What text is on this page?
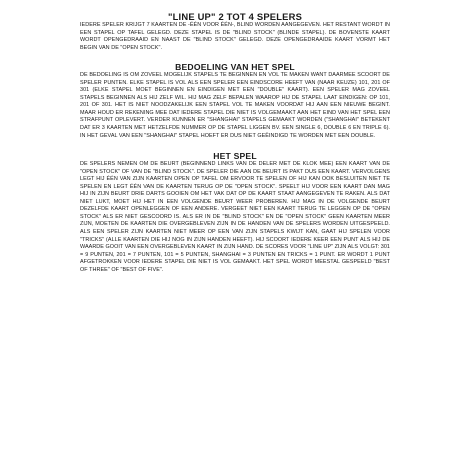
"LINE UP" 2 TOT 4 SPELERS

IEDERE SPELER KRIJGT 7 KAARTEN DE -ÉÉN VOOR ÉÉN-, BLIND WORDEN AANGEGEVEN. HET RESTANT WORDT IN EEN STAPEL OP TAFEL GELEGD. DEZE STAPEL IS DE "BLIND STOCK" (BLINDE STAPEL). DE BOVENSTE KAART WORDT OPENGEDRAAID EN NAAST DE "BLIND STOCK" GELEGD. DEZE OPENGEDRAAIDE KAART VORMT HET BEGIN VAN DE "OPEN STOCK".

BEDOELING VAN HET SPEL

DE BEDOELING IS OM ZOVEEL MOGELIJK STAPELS TE BEGINNEN EN VOL TE MAKEN WANT DAARMEE SCOORT DE SPELER PUNTEN. ELKE STAPEL IS VOL ALS EEN SPELER EEN EINDSCORE HEEFT VAN (NAAR KEUZE) 101, 201 OF 301 (ELKE STAPEL MOET BEGINNEN EN EINDIGEN MET EEN "DOUBLE" KAART). EEN SPELER MAG ZOVEEL STAPELS BEGINNEN ALS HIJ ZELF WIL. HIJ MAG ZELF BEPALEN WAAROP HIJ DE STAPEL LAAT EINDIGEN: OP 101, 201 OF 301. HET IS NIET NOODZAKELIJK EEN STAPEL VOL TE MAKEN VOORDAT HIJ AAN EEN NIEUWE BEGINT. MAAR HOUD ER REKENING MEE DAT IEDERE STAPEL DIE NIET IS VOLGEMAAKT AAN HET EIND VAN HET SPEL EEN STRAFPUNT OPLEVERT. VERDER KUNNEN ER "SHANGHAI" STAPELS GEMAAKT WORDEN ("SHANGHAI" BETEKENT DAT ER 3 KAARTEN MET HETZELFDE NUMMER OP DE STAPEL LIGGEN BV. EEN SINGLE 6, DOUBLE 6 EN TRIPLE 6). IN HET GEVAL VAN EEN "SHANGHAI" STAPEL HOEFT ER DUS NIET GEËINDIGD TE WORDEN MET EEN DOUBLE.

HET SPEL

DE SPELERS NEMEN OM DE BEURT (BEGINNEND LINKS VAN DE DELER MET DE KLOK MEE) EEN KAART VAN DE "OPEN STOCK" OF VAN DE "BLIND STOCK". DE SPELER DIE AAN DE BEURT IS PAKT DUS EEN KAART. VERVOLGENS LEGT HIJ ÉÉN VAN ZIJN KAARTEN OPEN OP TAFEL OM ERVOOR TE SPELEN OF HIJ KAN OOK BESLUITEN NIET TE SPELEN EN LEGT ÉÉN VAN DE KAARTEN TERUG OP DE "OPEN STOCK". SPEELT HIJ VOOR EEN KAART DAN MAG HIJ IN ZIJN BEURT DRIE DARTS GOOIEN OM HET VAK DAT OP DE KAART STAAT AANGEGEVEN TE RAKEN. ALS DAT NIET LUKT, MOET HIJ HET IN EEN VOLGENDE BEURT WEER PROBEREN. HIJ MAG IN DE VOLGENDE BEURT DEZELFDE KAART OPENLEGGEN OF EEN ANDERE. VERGEET NIET EEN KAART TERUG TE LEGGEN OP DE "OPEN STOCK" ALS ER NIET GESCOORD IS. ALS ER IN DE "BLIND STOCK" EN DE "OPEN STOCK" GEEN KAARTEN MEER ZIJN, MOETEN DE KAARTEN DIE OVERGEBLEVEN ZIJN IN DE HANDEN VAN DE SPELERS WORDEN UITGESPEELD. ALS EEN SPELER ZIJN KAARTEN NIET MEER OP EEN VAN ZIJN STAPELS KWIJT KAN, GAAT HIJ SPELEN VOOR "TRICKS" (ALLE KAARTEN DIE HIJ NOG IN ZIJN HANDEN HEEFT). HIJ SCOORT IEDERE KEER EEN PUNT ALS HIJ DE WAARDE GOOIT VAN EEN OVERGEBLEVEN KAART IN ZIJN HAND. DE SCORES VOOR "LINE UP" ZIJN ALS VOLGT: 301 = 9 PUNTEN, 201 = 7 PUNTEN, 101 = 5 PUNTEN, SHANGHAI = 3 PUNTEN EN TRICKS = 1 PUNT. ER WORDT 1 PUNT AFGETROKKEN VOOR IEDERE STAPEL DIE NIET IS VOL GEMAAKT. HET SPEL WORDT MEESTAL GESPEELD "BEST OF THREE" OF "BEST OF FIVE".
